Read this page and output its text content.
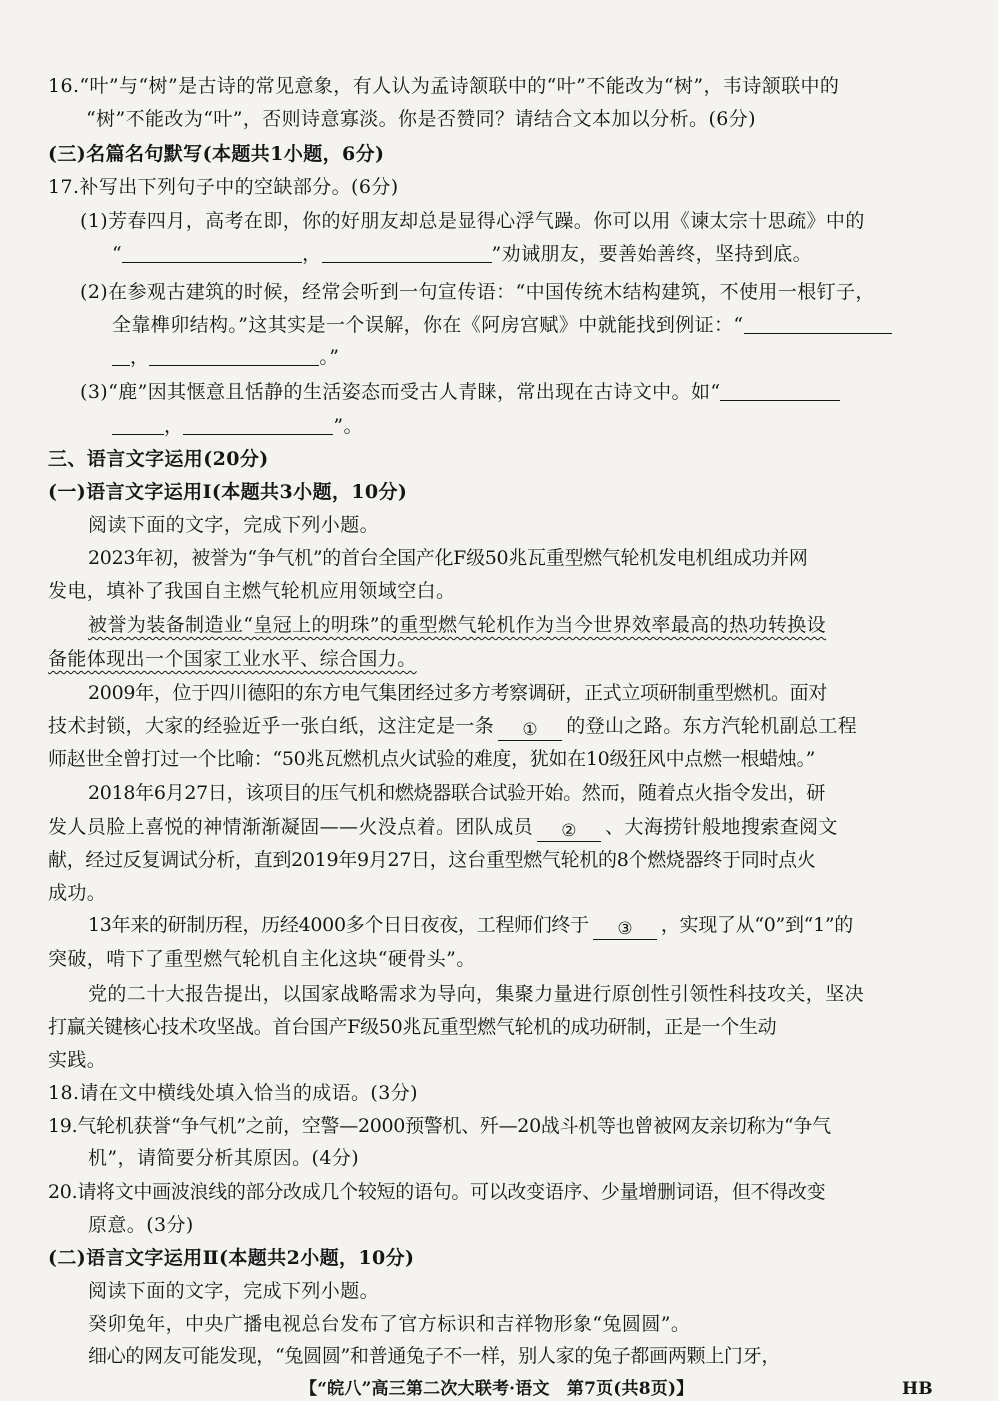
16.“叶”与“树”是古诗的常见意象，有人认为孟诗颔联中的“叶”不能改为“树”，韦诗颔联中的
“树”不能改为“叶”，否则诗意寡淡。你是否赞同？请结合文本加以分析。(6分)
(三)名篇名句默写(本题共1小题，6分)
17.补写出下列句子中的空缺部分。(6分)
(1)芳春四月，高考在即，你的好朋友却总是显得心浮气躁。你可以用《谏太宗十思疏》中的
“	，	”劝诫朋友，要善始善终，坚持到底。
(2)在参观古建筑的时候，经常会听到一句宣传语：“中国传统木结构建筑，不使用一根钉子，
全靠榫卯结构。”这其实是一个误解，你在《阿房宫赋》中就能找到例证：“
，	。”
(3)“鹿”因其惬意且恬静的生活姿态而受古人青睐，常出现在古诗文中。如“
，	”。
三、语言文字运用(20分)
(一)语言文字运用Ⅰ(本题共3小题，10分)
阅读下面的文字，完成下列小题。
2023年初，被誉为“争气机”的首台全国产化F级50兆瓦重型燃气轮机发电机组成功并网
发电，填补了我国自主燃气轮机应用领域空白。
被誉为装备制造业“皇冠上的明珠”的重型燃气轮机作为当今世界效率最高的热功转换设
备能体现出一个国家工业水平、综合国力。
2009年，位于四川德阳的东方电气集团经过多方考察调研，正式立项研制重型燃机。面对
技术封锁，大家的经验近乎一张白纸，这注定是一条 ① 的登山之路。东方汽轮机副总工程
师赵世全曾打过一个比喻：“50兆瓦燃机点火试验的难度，犹如在10级狂风中点燃一根蜡烛。”
2018年6月27日，该项目的压气机和燃烧器联合试验开始。然而，随着点火指令发出，研
发人员脸上喜悦的神情渐渐凝固——火没点着。团队成员 ② 、大海捞针般地搜索查阅文
献，经过反复调试分析，直到2019年9月27日，这台重型燃气轮机的8个燃烧器终于同时点火
成功。
13年来的研制历程，历经4000多个日日夜夜，工程师们终于 ③ ，实现了从“0”到“1”的
突破，啃下了重型燃气轮机自主化这块“硬骨头”。
党的二十大报告提出，以国家战略需求为导向，集聚力量进行原创性引领性科技攻关，坚决
打赢关键核心技术攻坚战。首台国产F级50兆瓦重型燃气轮机的成功研制，正是一个生动
实践。
18.请在文中横线处填入恰当的成语。(3分)
19.气轮机获誉“争气机”之前，空警—2000预警机、歼—20战斗机等也曾被网友亲切称为“争气
机”，请简要分析其原因。(4分)
20.请将文中画波浪线的部分改成几个较短的语句。可以改变语序、少量增删词语，但不得改变
原意。(3分)
(二)语言文字运用Ⅱ(本题共2小题，10分)
阅读下面的文字，完成下列小题。
癸卯兔年，中央广播电视总台发布了官方标识和吉祥物形象“兔圆圆”。
细心的网友可能发现，“兔圆圆”和普通兔子不一样，别人家的兔子都画两颗上门牙，
【“皖八”高三第二次大联考·语文　第7页(共8页)】	HB
